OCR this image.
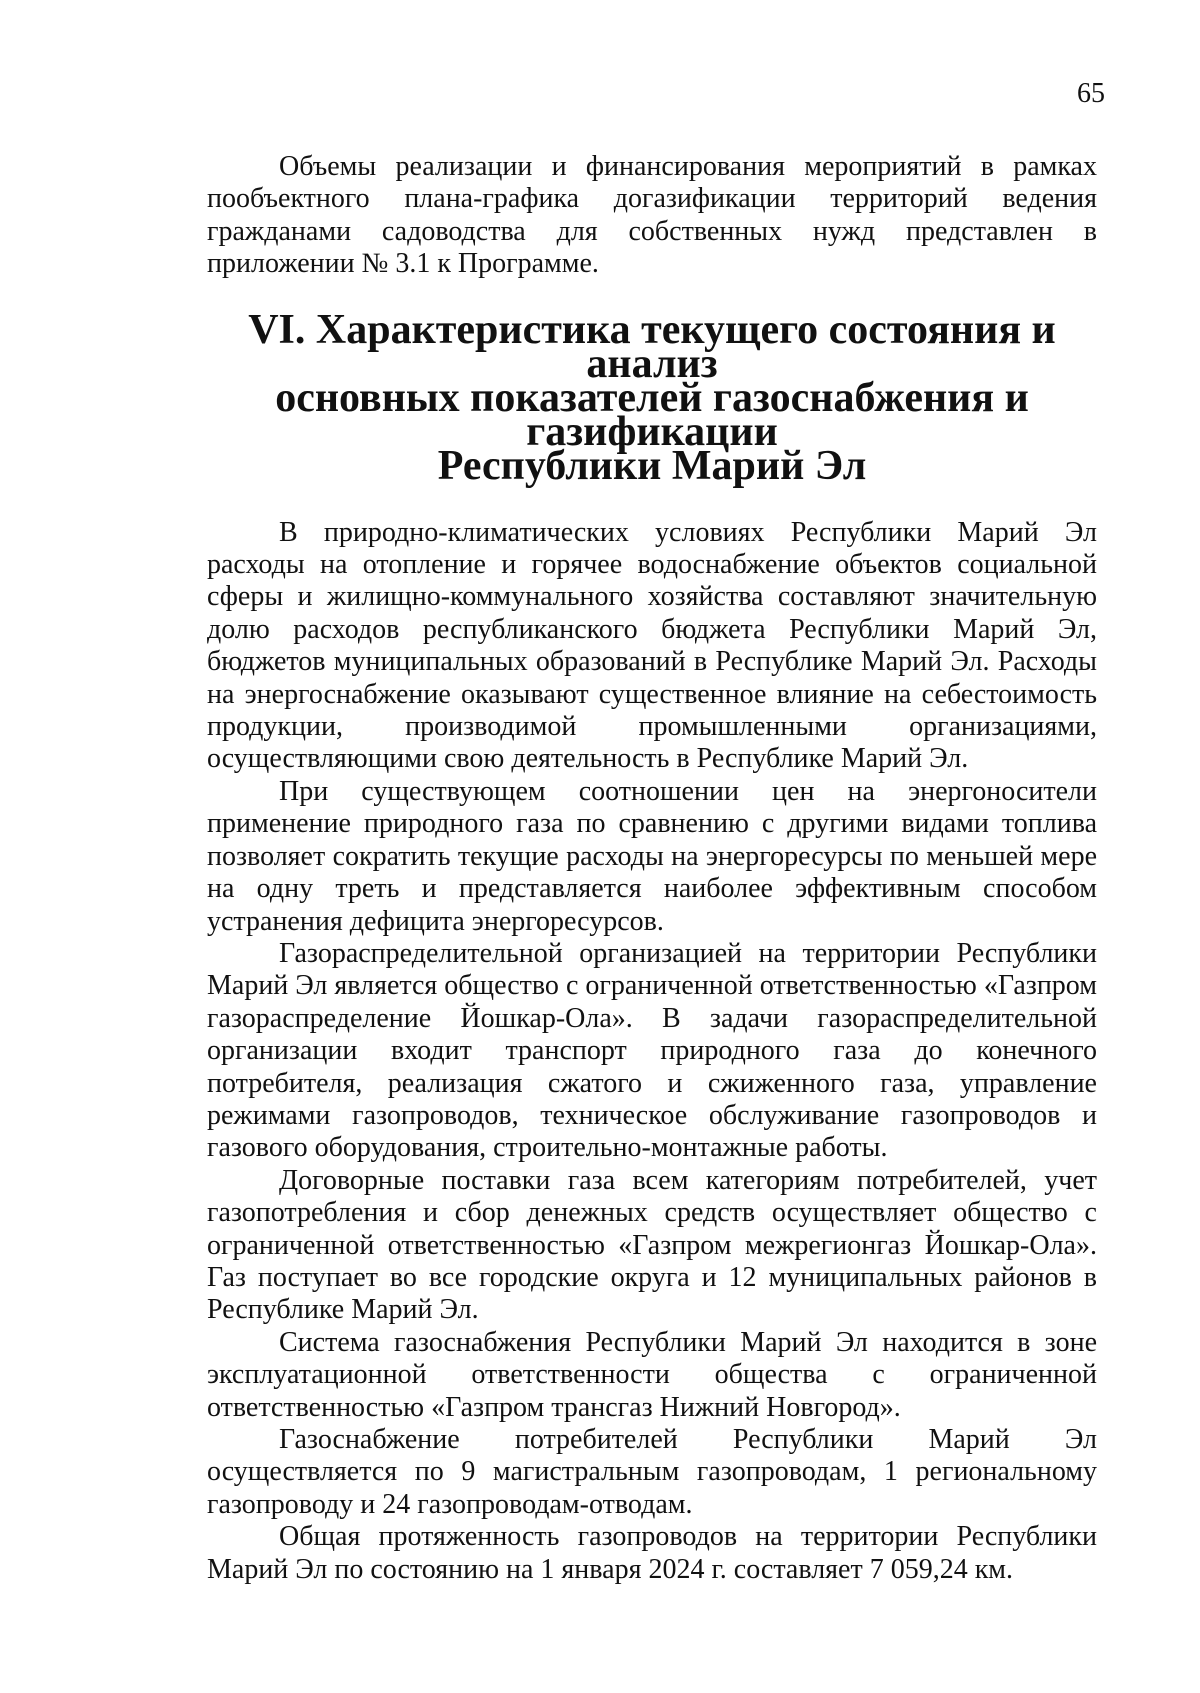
65

Объемы реализации и финансирования мероприятий в рамках пообъектного плана-графика догазификации территорий ведения гражданами садоводства для собственных нужд представлен в приложении № 3.1 к Программе.

VI. Характеристика текущего состояния и анализ
основных показателей газоснабжения и газификации
Республики Марий Эл

В природно-климатических условиях Республики Марий Эл расходы на отопление и горячее водоснабжение объектов социальной сферы и жилищно-коммунального хозяйства составляют значительную долю расходов республиканского бюджета Республики Марий Эл, бюджетов муниципальных образований в Республике Марий Эл. Расходы на энергоснабжение оказывают существенное влияние на себестоимость продукции, производимой промышленными организациями, осуществляющими свою деятельность в Республике Марий Эл.

При существующем соотношении цен на энергоносители применение природного газа по сравнению с другими видами топлива позволяет сократить текущие расходы на энергоресурсы по меньшей мере на одну треть и представляется наиболее эффективным способом устранения дефицита энергоресурсов.

Газораспределительной организацией на территории Республики Марий Эл является общество с ограниченной ответственностью «Газпром газораспределение Йошкар-Ола». В задачи газораспределительной организации входит транспорт природного газа до конечного потребителя, реализация сжатого и сжиженного газа, управление режимами газопроводов, техническое обслуживание газопроводов и газового оборудования, строительно-монтажные работы.

Договорные поставки газа всем категориям потребителей, учет газопотребления и сбор денежных средств осуществляет общество с ограниченной ответственностью «Газпром межрегионгаз Йошкар-Ола». Газ поступает во все городские округа и 12 муниципальных районов в Республике Марий Эл.

Система газоснабжения Республики Марий Эл находится в зоне эксплуатационной ответственности общества с ограниченной ответственностью «Газпром трансгаз Нижний Новгород».

Газоснабжение потребителей Республики Марий Эл осуществляется по 9 магистральным газопроводам, 1 региональному газопроводу и 24 газопроводам-отводам.

Общая протяженность газопроводов на территории Республики Марий Эл по состоянию на 1 января 2024 г. составляет 7 059,24 км.
